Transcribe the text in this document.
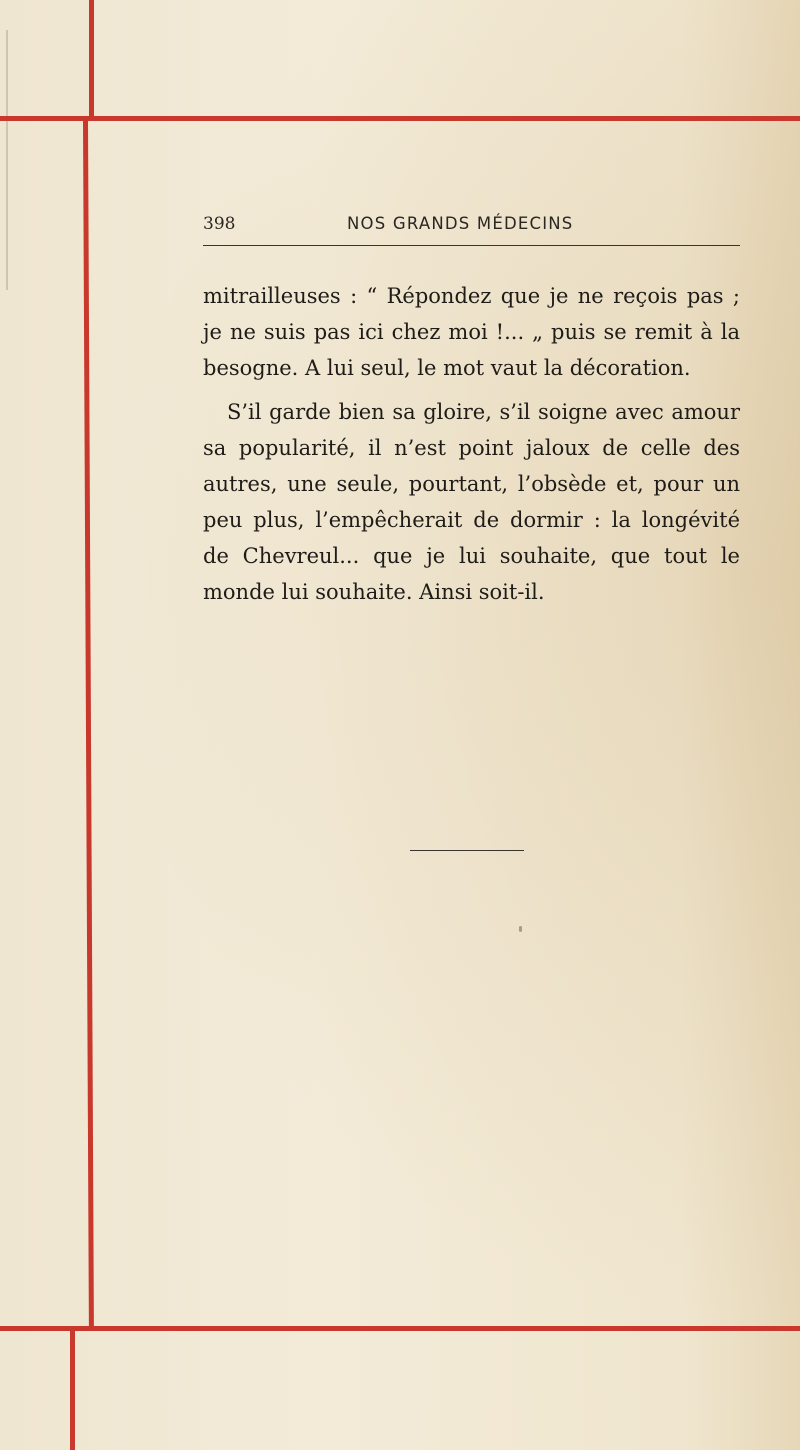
398	NOS GRANDS MÉDECINS

mitrailleuses : “ Répondez que je ne reçois pas ; je ne suis pas ici chez moi !... „ puis se remit à la besogne. A lui seul, le mot vaut la décoration.

S’il garde bien sa gloire, s’il soigne avec amour sa popularité, il n’est point jaloux de celle des autres, une seule, pourtant, l’obsède et, pour un peu plus, l’empêcherait de dormir : la longévité de Chevreul... que je lui souhaite, que tout le monde lui souhaite. Ainsi soit-il.
